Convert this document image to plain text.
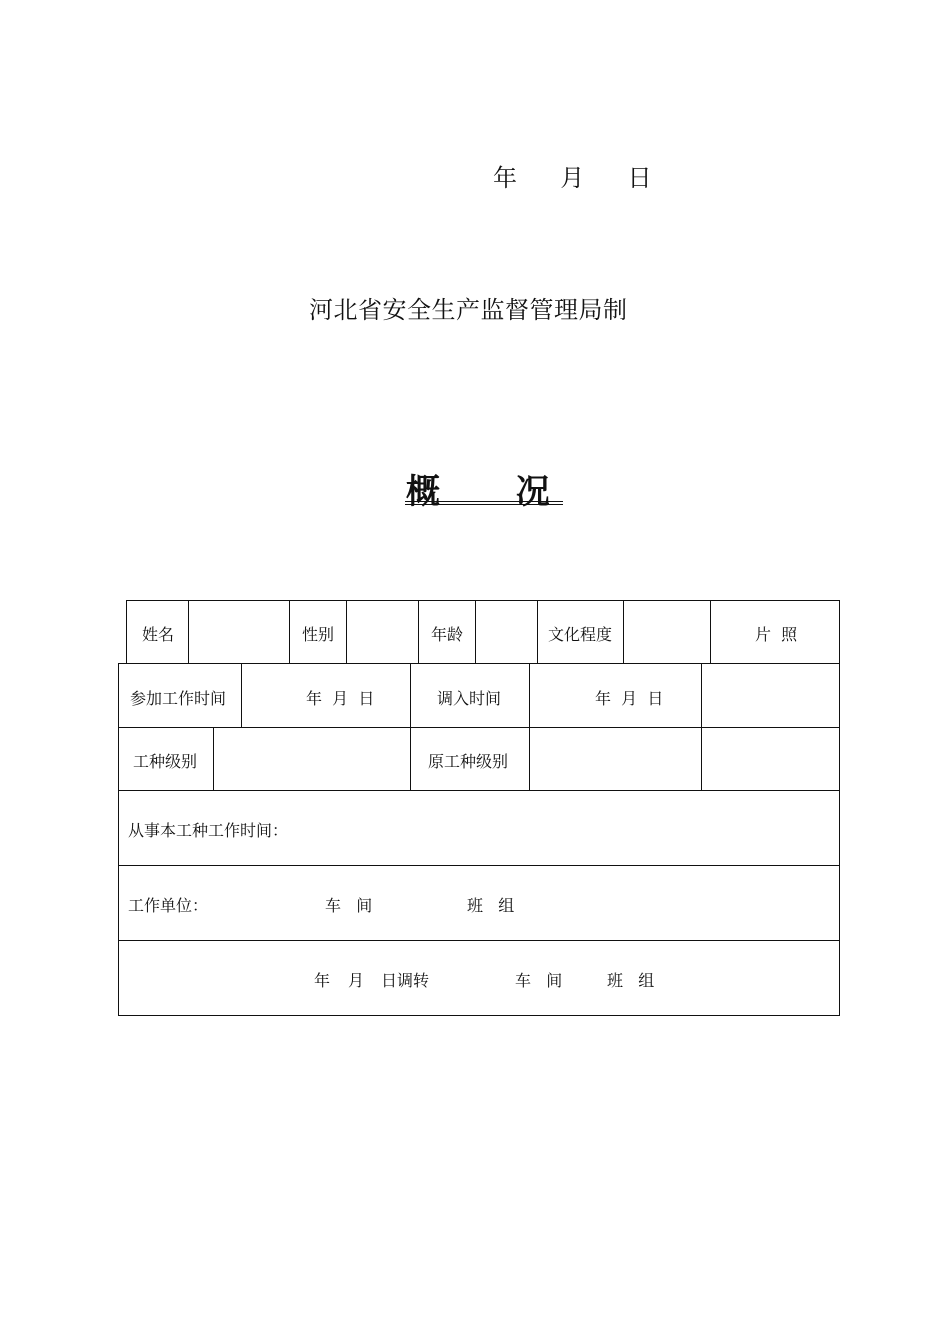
年 月 日
河北省安全生产监督管理局制
概 况
姓名	性别	年龄	文化程度	片  照
参加工作时间	年  月  日	调入时间	年  月  日
工种级别	原工种级别
从事本工种工作时间：
工作单位：	车   间	班   组
年 月 日调转	车   间	班   组
